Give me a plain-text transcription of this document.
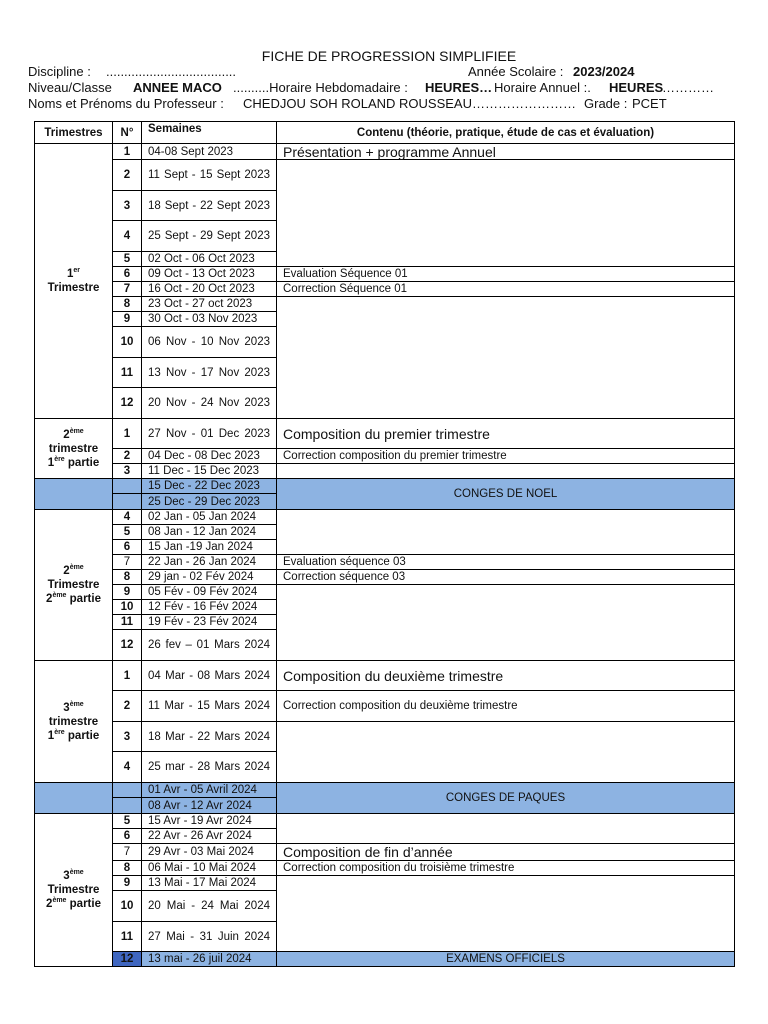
FICHE DE PROGRESSION SIMPLIFIEE
Discipline : ....................................	Année Scolaire : 2023/2024
Niveau/Classe ANNEE MACO ..........Horaire Hebdomadaire : HEURES… Horaire Annuel :. HEURES
…………
Noms et Prénoms du Professeur : CHEDJOU SOH ROLAND ROUSSEAU…………………… Grade : PCET
Trimestres	N°	Semaines	Contenu (théorie, pratique, étude de cas et évaluation)
1er
Trimestre	1	04-08 Sept 2023	Présentation + programme Annuel
	2	11 Sept - 15 Sept 2023	
	3	18 Sept - 22 Sept 2023	
	4	25 Sept - 29 Sept 2023	
	5	02 Oct - 06 Oct 2023	
	6	09 Oct - 13 Oct 2023	Evaluation Séquence 01
	7	16 Oct - 20 Oct 2023	Correction Séquence 01
	8	23 Oct - 27 oct 2023	
	9	30 Oct - 03 Nov 2023	
	10	06 Nov - 10 Nov 2023	
	11	13 Nov - 17 Nov 2023	
	12	20 Nov - 24 Nov 2023	
2ème
trimestre
1ère partie	1	27 Nov - 01 Dec 2023	Composition du premier trimestre
	2	04 Dec - 08 Dec 2023	Correction composition du premier trimestre
	3	11 Dec - 15 Dec 2023	
		15 Dec - 22 Dec 2023	CONGES DE NOEL
		25 Dec - 29 Dec 2023	
2ème
Trimestre
2ème partie	4	02 Jan - 05 Jan 2024	
	5	08 Jan - 12 Jan 2024	
	6	15 Jan -19 Jan 2024	
	7	22 Jan - 26 Jan 2024	Evaluation séquence 03
	8	29 jan - 02 Fév 2024	Correction séquence 03
	9	05 Fév - 09 Fév 2024	
	10	12 Fév - 16 Fév 2024	
	11	19 Fév - 23 Fév 2024	
	12	26 fev – 01 Mars 2024	
3ème
trimestre
1ère partie	1	04 Mar - 08 Mars 2024	Composition du deuxième trimestre
	2	11 Mar - 15 Mars 2024	Correction composition du deuxième trimestre
	3	18 Mar - 22 Mars 2024	
	4	25 mar - 28 Mars 2024	
		01 Avr - 05 Avril 2024	CONGES DE PAQUES
		08 Avr - 12 Avr 2024	
3ème
Trimestre
2ème partie	5	15 Avr - 19 Avr 2024	
	6	22 Avr - 26 Avr 2024	
	7	29 Avr - 03 Mai 2024	Composition de fin d’année
	8	06 Mai - 10 Mai 2024	Correction composition du troisième trimestre
	9	13 Mai - 17 Mai 2024	
	10	20 Mai - 24 Mai 2024	
	11	27 Mai - 31 Juin 2024	
	12	13 mai - 26 juil 2024	EXAMENS OFFICIELS
